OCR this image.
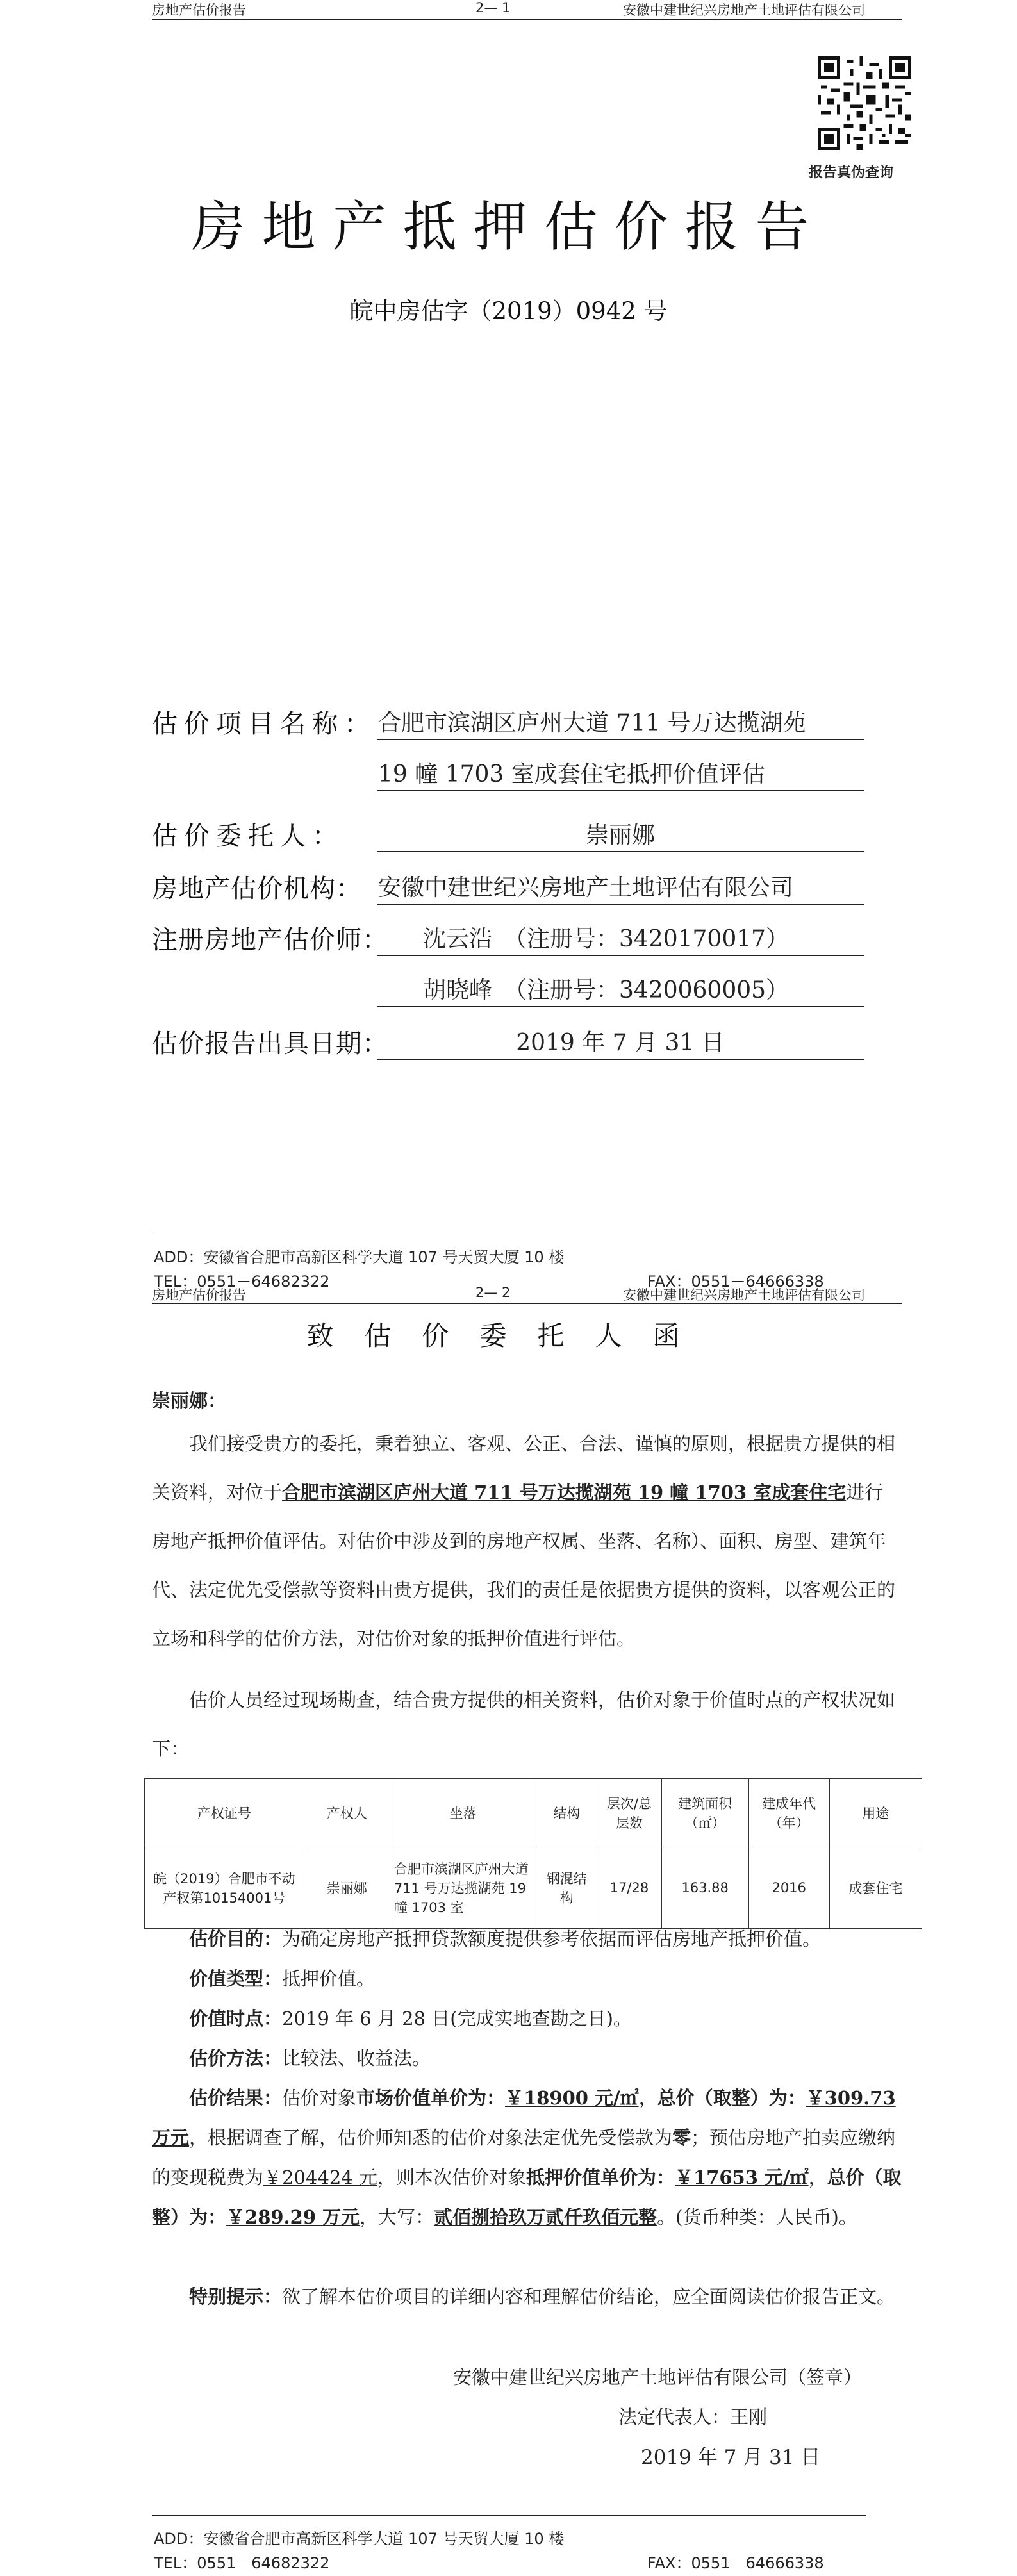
房地产估价报告	2— 1	安徽中建世纪兴房地产土地评估有限公司
报告真伪查询
房地产抵押估价报告
皖中房估字（2019）0942 号
估价项目名称： 合肥市滨湖区庐州大道 711 号万达揽湖苑
19 幢 1703 室成套住宅抵押价值评估
估价委托人：	崇丽娜
房地产估价机构： 安徽中建世纪兴房地产土地评估有限公司
注册房地产估价师： 沈云浩　（注册号：3420170017）
胡晓峰　（注册号：3420060005）
估价报告出具日期：	2019 年 7 月 31 日
ADD：安徽省合肥市高新区科学大道 107 号天贸大厦 10 楼
TEL：0551－64682322	FAX：0551－64666338
房地产估价报告	2— 2	安徽中建世纪兴房地产土地评估有限公司
致估价委托人函
崇丽娜：
我们接受贵方的委托，秉着独立、客观、公正、合法、谨慎的原则，根据贵方提供的相关资料，对位于合肥市滨湖区庐州大道 711 号万达揽湖苑 19 幢 1703 室成套住宅进行房地产抵押价值评估。对估价中涉及到的房地产权属、坐落、名称）、面积、房型、建筑年代、法定优先受偿款等资料由贵方提供，我们的责任是依据贵方提供的资料，以客观公正的立场和科学的估价方法，对估价对象的抵押价值进行评估。
估价人员经过现场勘查，结合贵方提供的相关资料，估价对象于价值时点的产权状况如下：
产权证号	产权人	坐落	结构	层次/总层数	建筑面积（㎡）	建成年代（年）	用途
皖（2019）合肥市不动产权第10154001号	崇丽娜	合肥市滨湖区庐州大道 711 号万达揽湖苑 19 幢 1703 室	钢混结构	17/28	163.88	2016	成套住宅
估价目的：为确定房地产抵押贷款额度提供参考依据而评估房地产抵押价值。
价值类型：抵押价值。
价值时点：2019 年 6 月 28 日(完成实地查勘之日)。
估价方法：比较法、收益法。
估价结果：估价对象市场价值单价为：￥18900 元/㎡，总价（取整）为：￥309.73 万元，根据调查了解，估价师知悉的估价对象法定优先受偿款为零；预估房地产拍卖应缴纳的变现税费为￥204424 元，则本次估价对象抵押价值单价为：￥17653 元/㎡，总价（取整）为：￥289.29 万元，大写：贰佰捌拾玖万贰仟玖佰元整。(货币种类：人民币)。
特别提示：欲了解本估价项目的详细内容和理解估价结论，应全面阅读估价报告正文。
安徽中建世纪兴房地产土地评估有限公司（签章）
法定代表人：王刚
2019 年 7 月 31 日
ADD：安徽省合肥市高新区科学大道 107 号天贸大厦 10 楼
TEL：0551－64682322	FAX：0551－64666338
